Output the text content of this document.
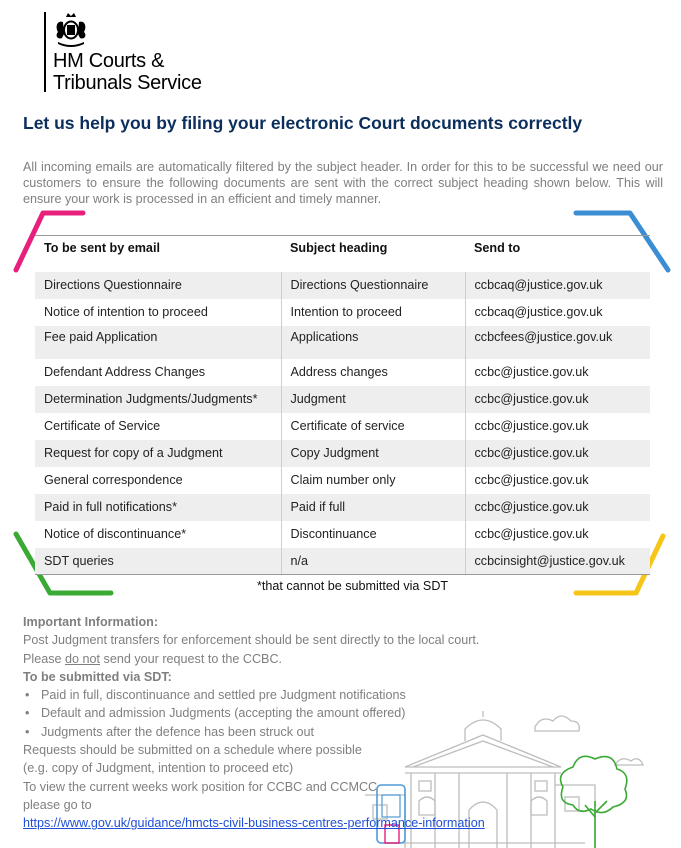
HM Courts &
Tribunals Service
Let us help you by filing your electronic Court documents correctly
All incoming emails are automatically filtered by the subject header. In order for this to be successful we need our customers to ensure the following documents are sent with the correct subject heading shown below. This will ensure your work is processed in an efficient and timely manner.
To be sent by email	Subject heading	Send to
Directions Questionnaire	Directions Questionnaire	ccbcaq@justice.gov.uk
Notice of intention to proceed	Intention to proceed	ccbcaq@justice.gov.uk
Fee paid Application	Applications	ccbcfees@justice.gov.uk
Defendant Address Changes	Address changes	ccbc@justice.gov.uk
Determination Judgments/Judgments*	Judgment	ccbc@justice.gov.uk
Certificate of Service	Certificate of service	ccbc@justice.gov.uk
Request for copy of a Judgment	Copy Judgment	ccbc@justice.gov.uk
General correspondence	Claim number only	ccbc@justice.gov.uk
Paid in full notifications*	Paid if full	ccbc@justice.gov.uk
Notice of discontinuance*	Discontinuance	ccbc@justice.gov.uk
SDT queries	n/a	ccbcinsight@justice.gov.uk
*that cannot be submitted via SDT
Important Information:
Post Judgment transfers for enforcement should be sent directly to the local court.
Please do not send your request to the CCBC.
To be submitted via SDT:
• Paid in full, discontinuance and settled pre Judgment notifications
• Default and admission Judgments (accepting the amount offered)
• Judgments after the defence has been struck out
Requests should be submitted on a schedule where possible
(e.g. copy of Judgment, intention to proceed etc)
To view the current weeks work position for CCBC and CCMCC
please go to
https://www.gov.uk/guidance/hmcts-civil-business-centres-performance-information
